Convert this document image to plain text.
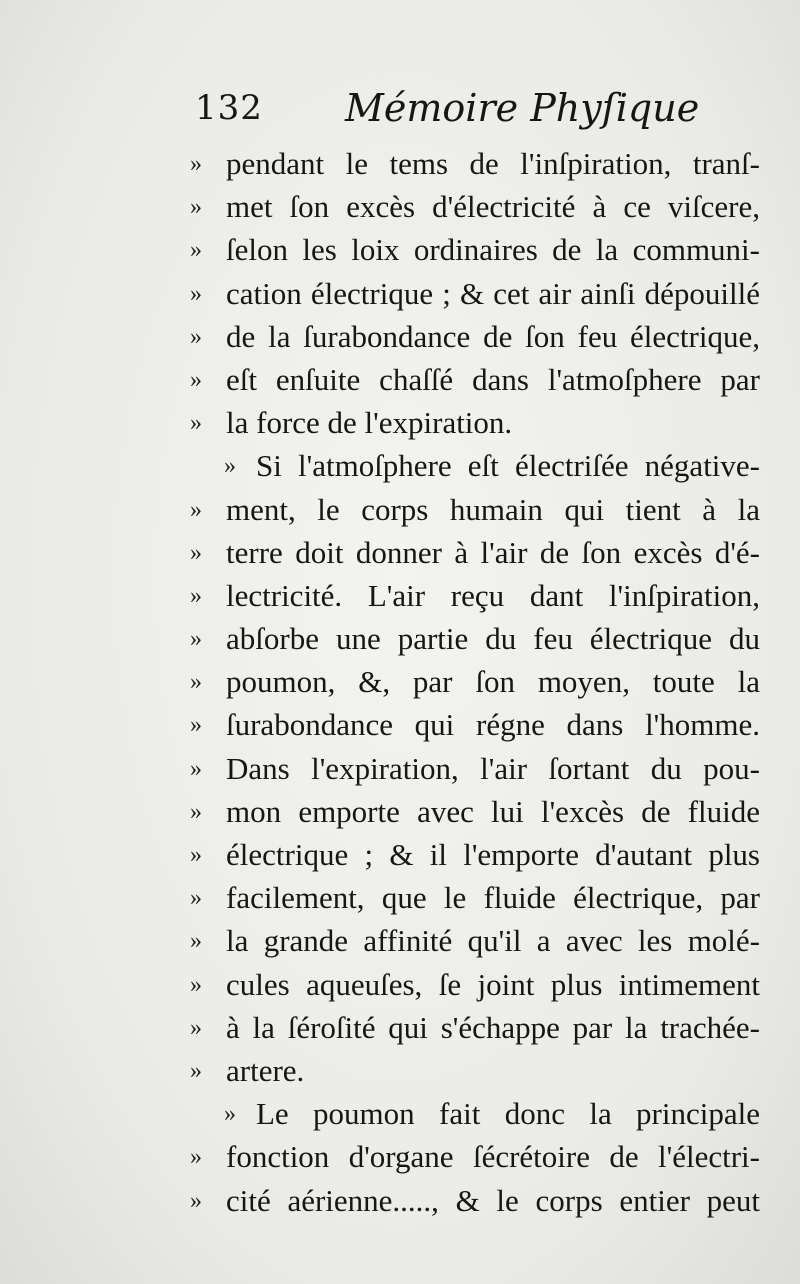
132 Mémoire Phyſique
» pendant le tems de l'inſpiration, tranſ-
» met ſon excès d'électricité à ce viſcere,
» ſelon les loix ordinaires de la communi-
» cation électrique ; & cet air ainſi dépouillé
» de la ſurabondance de ſon feu électrique,
» eſt enſuite chaſſé dans l'atmoſphere par
» la force de l'expiration.
» Si l'atmoſphere eſt électriſée négative-
» ment, le corps humain qui tient à la
» terre doit donner à l'air de ſon excès d'é-
» lectricité. L'air reçu dant l'inſpiration,
» abſorbe une partie du feu électrique du
» poumon, &, par ſon moyen, toute la
» ſurabondance qui régne dans l'homme.
» Dans l'expiration, l'air ſortant du pou-
» mon emporte avec lui l'excès de fluide
» électrique ; & il l'emporte d'autant plus
» facilement, que le fluide électrique, par
» la grande affinité qu'il a avec les molé-
» cules aqueuſes, ſe joint plus intimement
» à la ſéroſité qui s'échappe par la trachée-
» artere.
» Le poumon fait donc la principale
» fonction d'organe ſécrétoire de l'électri-
» cité aérienne....., & le corps entier peut
